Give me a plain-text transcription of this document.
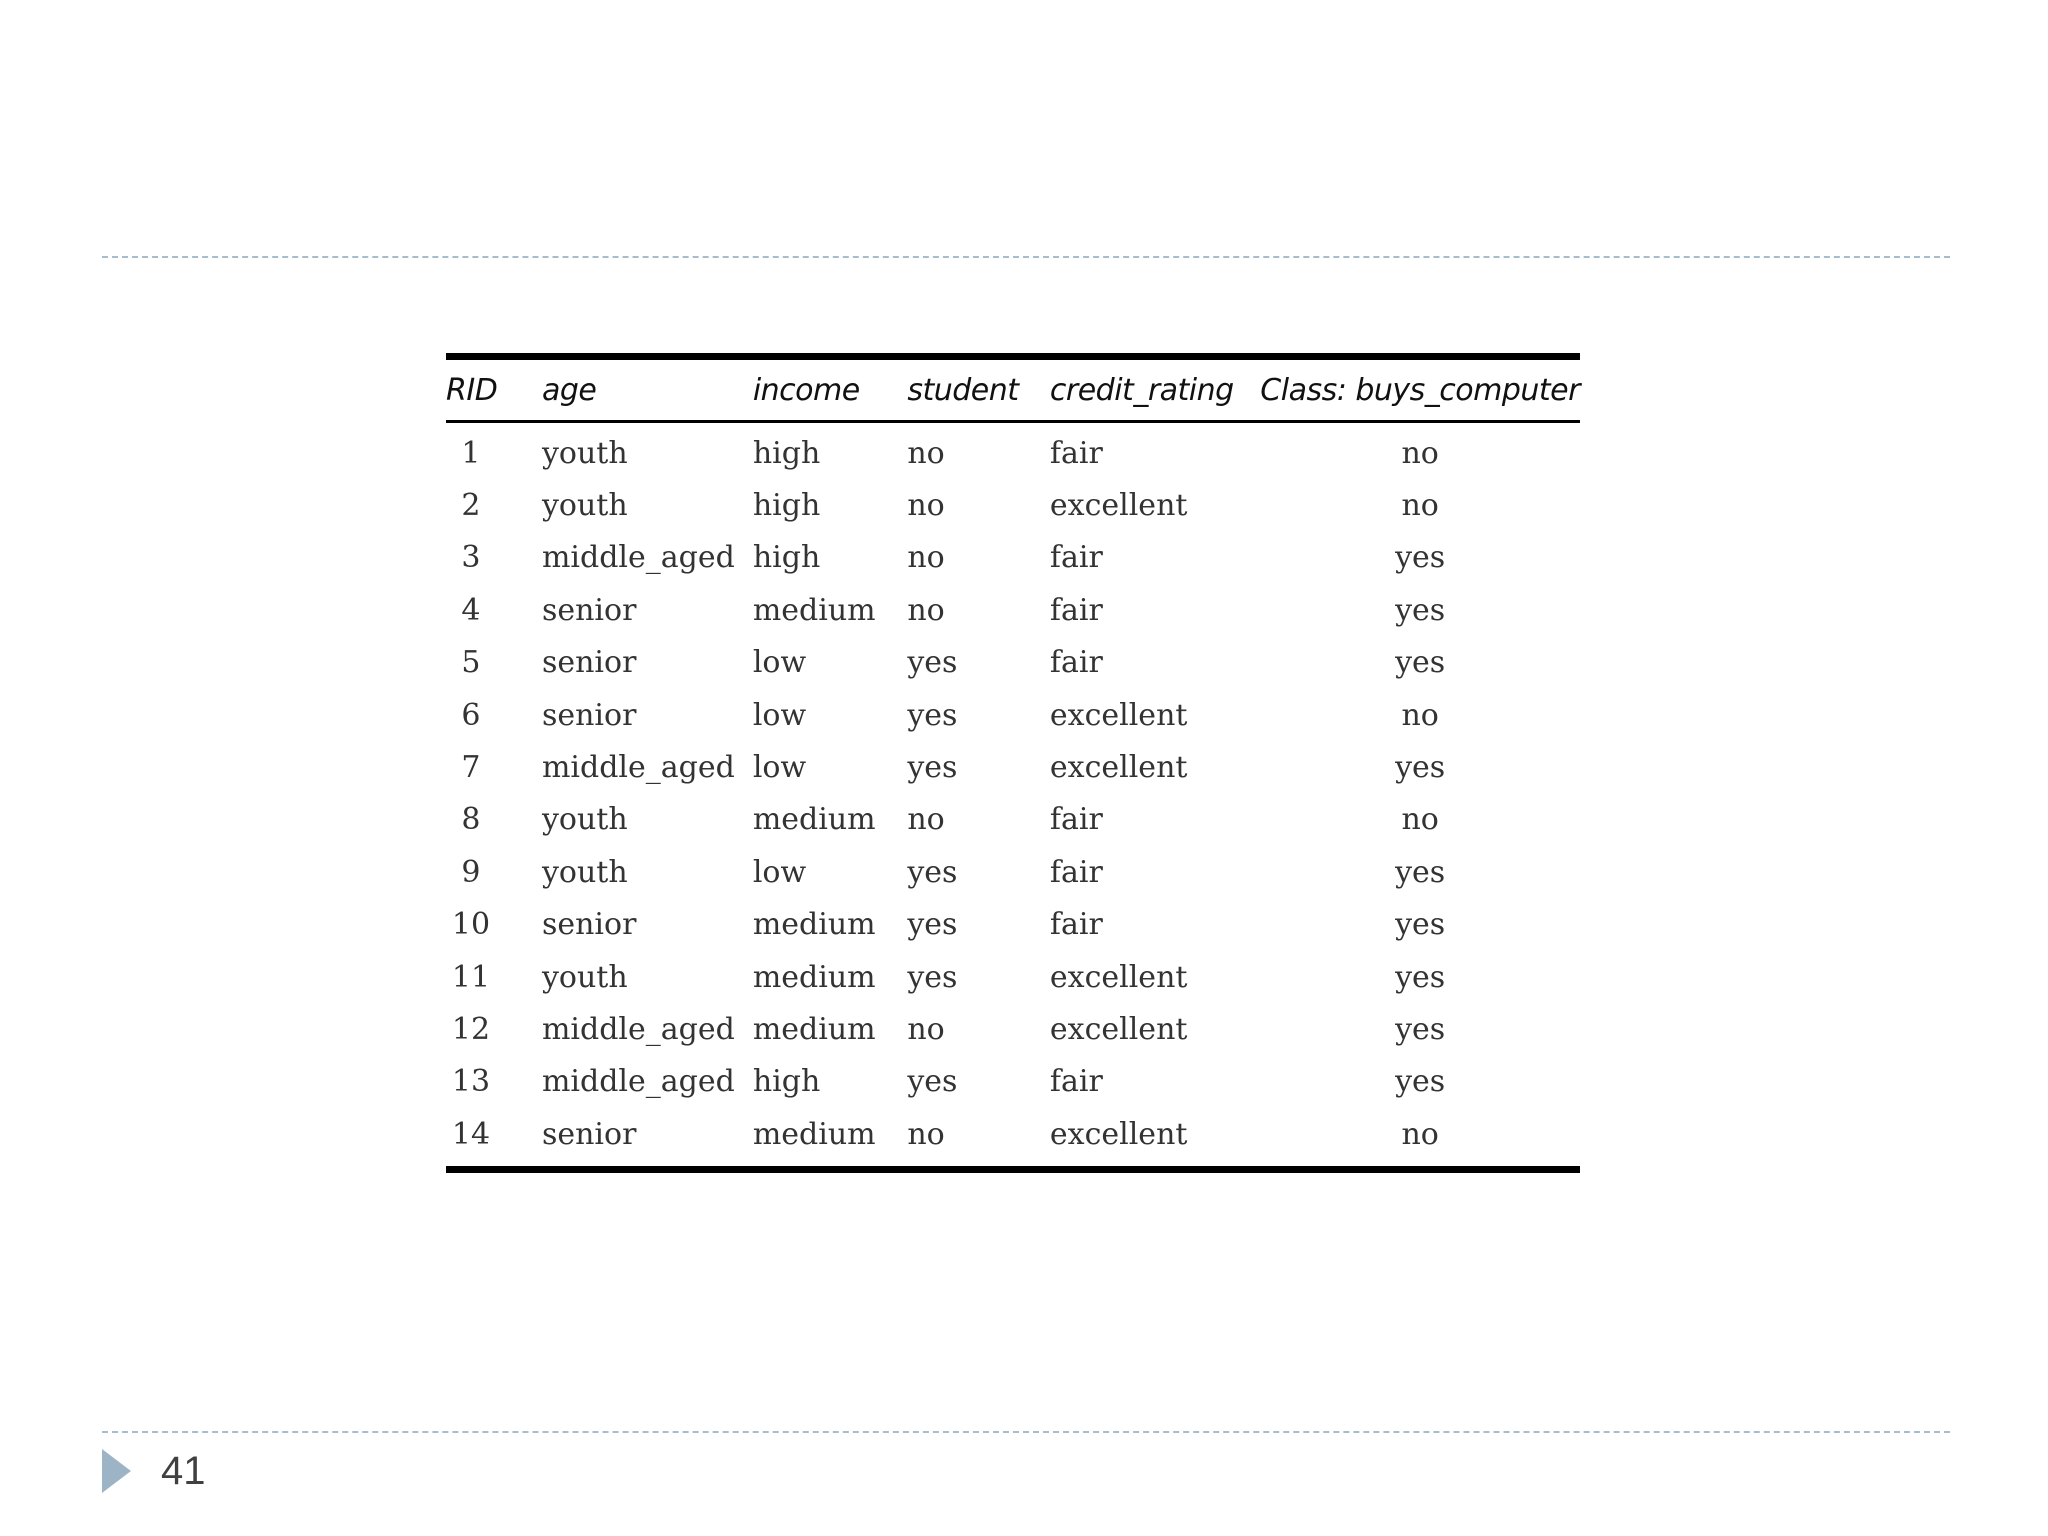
RID	age	income	student	credit_rating	Class: buys_computer
1	youth	high	no	fair	no
2	youth	high	no	excellent	no
3	middle_aged	high	no	fair	yes
4	senior	medium	no	fair	yes
5	senior	low	yes	fair	yes
6	senior	low	yes	excellent	no
7	middle_aged	low	yes	excellent	yes
8	youth	medium	no	fair	no
9	youth	low	yes	fair	yes
10	senior	medium	yes	fair	yes
11	youth	medium	yes	excellent	yes
12	middle_aged	medium	no	excellent	yes
13	middle_aged	high	yes	fair	yes
14	senior	medium	no	excellent	no
41
